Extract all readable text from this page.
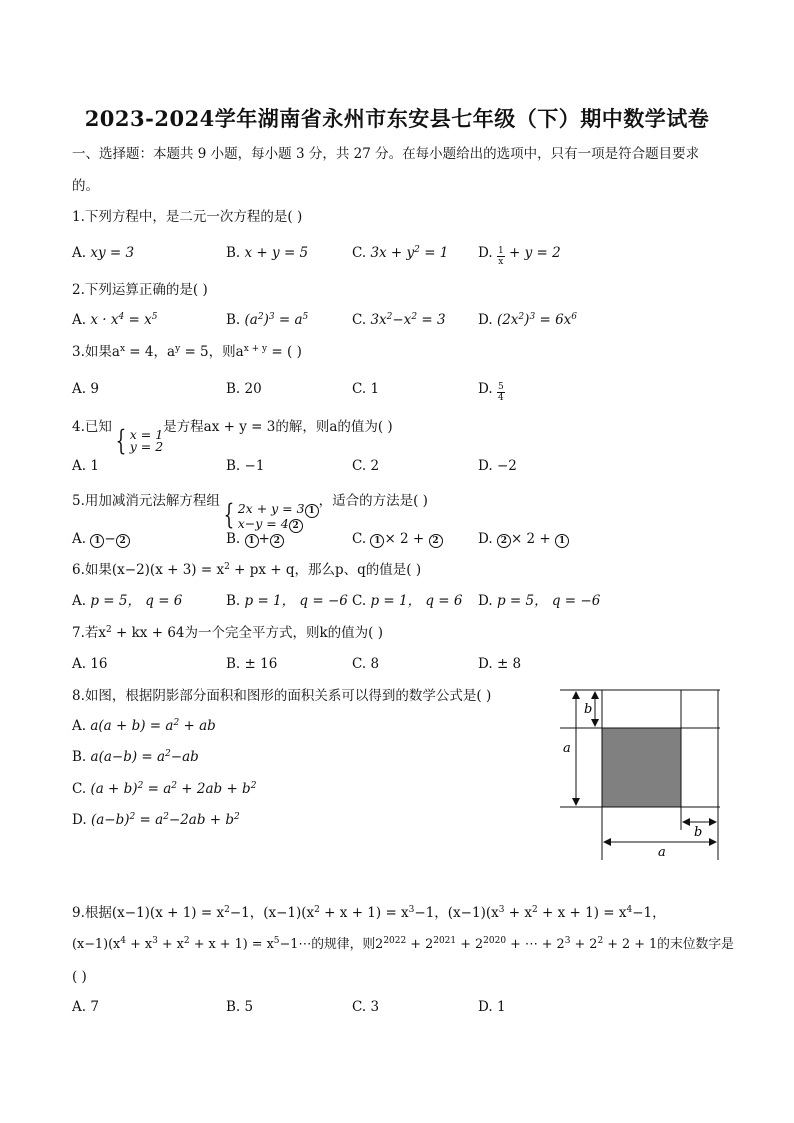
2023-2024学年湖南省永州市东安县七年级（下）期中数学试卷
一、选择题：本题共 9 小题，每小题 3 分，共 27 分。在每小题给出的选项中，只有一项是符合题目要求
的。
1.下列方程中，是二元一次方程的是( )
A. xy = 3	B. x + y = 5	C. $3x + y^2 = 1$ D. $\frac{1}{x} + y = 2$
2.下列运算正确的是( )
A. $x \cdot x^4 = x^5$	B. $(a^2)^3 = a^5$	C. $3x^2-x^2 = 3$ D. $(2x^2)^3 = 6x^6$
3.如果$a^x = 4$，$a^y = 5$，则$a^{x + y}$ = ( )
A. 9	B. 20	C. 1	D. $\frac{5}{4}$
4.已知 { x = 1
y = 2是方程ax + y = 3的解，则a的值为( )
A. 1	B. −1	C. 2	D. −2
5.用加减消元法解方程组 { 2x + y = 3 1
x−y = 4 2，适合的方法是( )
A. 1 − 2	B. 1 + 2	C. 1 × 2 + 2	D. 2 × 2 + 1
6.如果$(x-2)(x + 3) = x^2$ + px + q，那么p、q的值是( )
A. p = 5， q = 6	B. p = 1， q = −6 C. p = 1， q = 6 D. p = 5， q = −6
7.若$x^2$ + kx + 64为一个完全平方式，则k的值为( )
A. 16	B. ± 16	C. 8	D. ± 8
8.如图，根据阴影部分面积和图形的面积关系可以得到的数学公式是( )
A. $a(a + b) = a^2$ + ab
B. $a(a-b) = a^2-ab$
C. $(a + b)^2 = a^2 + 2ab + b^2$
D. $(a-b)^2 = a^2-2ab + b^2$
a
b
b
a
9.根据$(x-1)(x + 1) = x^2-1$，$(x-1)(x^2 + x + 1) = x^3-1$，$(x-1)(x^3 + x^2 + x + 1) = x^4-1$，
$(x-1)(x^4 + x^3 + x^2 + x + 1)$ = $x^5-1\cdots$的规律，则$2^{2022} + 2^{2021} + 2^{2020}$ + ⋯ + $2^3 + 2^2 + 2 + 1$的末位数字是
( )
A. 7	B. 5	C. 3	D. 1
